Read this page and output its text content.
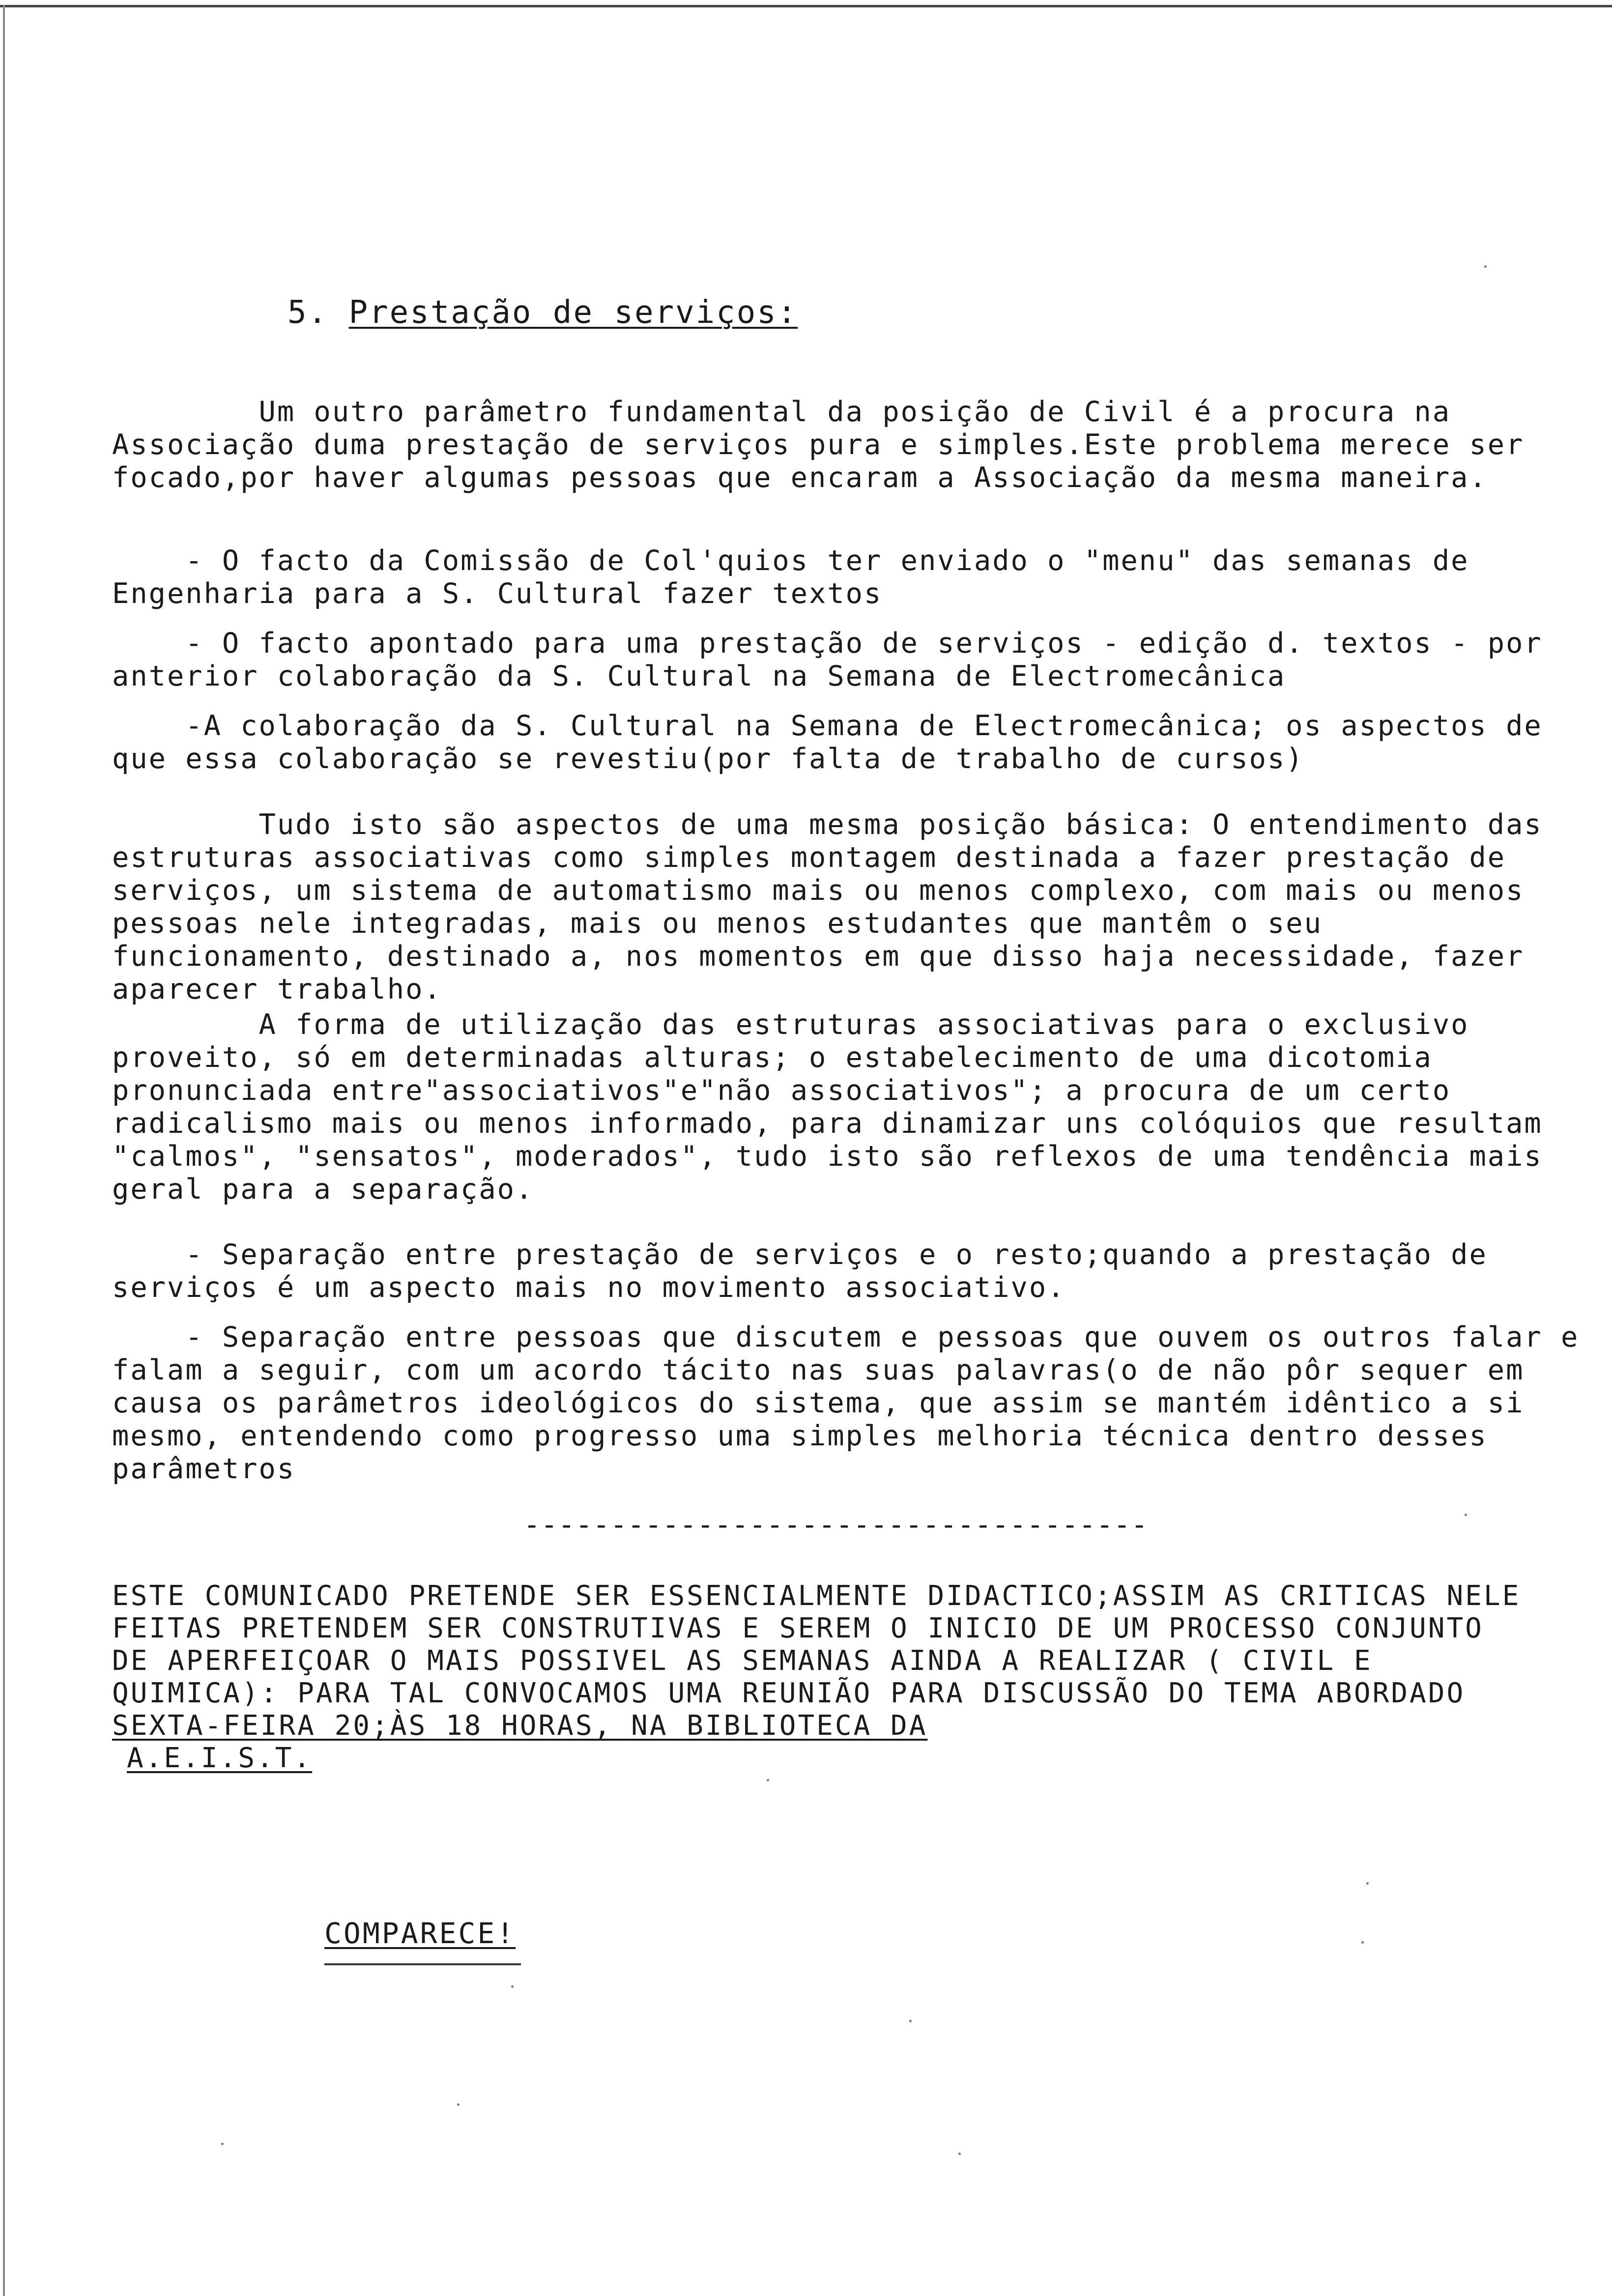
5. Prestação de serviços:

Um outro parâmetro fundamental da posição de Civil é a procura na Associação duma prestação de serviços pura e simples.Este problema merece ser focado,por haver algumas pessoas que encaram a Associação da mesma maneira.

- O facto da Comissão de Col'quios ter enviado o "menu" das semanas de Engenharia para a S. Cultural fazer textos

- O facto apontado para uma prestação de serviços - edição d. textos - por anterior colaboração da S. Cultural na Semana de Electromecânica

-A colaboração da S. Cultural na Semana de Electromecânica; os aspectos de que essa colaboração se revestiu(por falta de trabalho de cursos)

Tudo isto são aspectos de uma mesma posição básica: O entendimento das estruturas associativas como simples montagem destinada a fazer prestação de serviços, um sistema de automatismo mais ou menos complexo, com mais ou menos pessoas nele integradas, mais ou menos estudantes que mantêm o seu funcionamento, destinado a, nos momentos em que disso haja necessidade, fazer aparecer trabalho.

A forma de utilização das estruturas associativas para o exclusivo proveito, só em determinadas alturas; o estabelecimento de uma dicotomia pronunciada entre"associativos"e"não associativos"; a procura de um certo radicalismo mais ou menos informado, para dinamizar uns colóquios que resultam "calmos", "sensatos", moderados", tudo isto são reflexos de uma tendência mais geral para a separação.

- Separação entre prestação de serviços e o resto;quando a prestação de serviços é um aspecto mais no movimento associativo.

- Separação entre pessoas que discutem e pessoas que ouvem os outros falar e falam a seguir, com um acordo tácito nas suas palavras(o de não pôr sequer em causa os parâmetros ideológicos do sistema, que assim se mantém idêntico a si mesmo, entendendo como progresso uma simples melhoria técnica dentro desses parâmetros

------------------------------------
ESTE COMUNICADO PRETENDE SER ESSENCIALMENTE DIDACTICO;ASSIM AS CRITICAS NELE FEITAS PRETENDEM SER CONSTRUTIVAS E SEREM O INICIO DE UM PROCESSO CONJUNTO DE APERFEIÇOAR O MAIS POSSIVEL AS SEMANAS AINDA A REALIZAR ( CIVIL E QUIMICA): PARA TAL CONVOCAMOS UMA REUNIÃO PARA DISCUSSÃO DO TEMA ABORDADO SEXTA-FEIRA 20;ÀS 18 HORAS, NA BIBLIOTECA DA
A.E.I.S.T.
COMPARECE!
